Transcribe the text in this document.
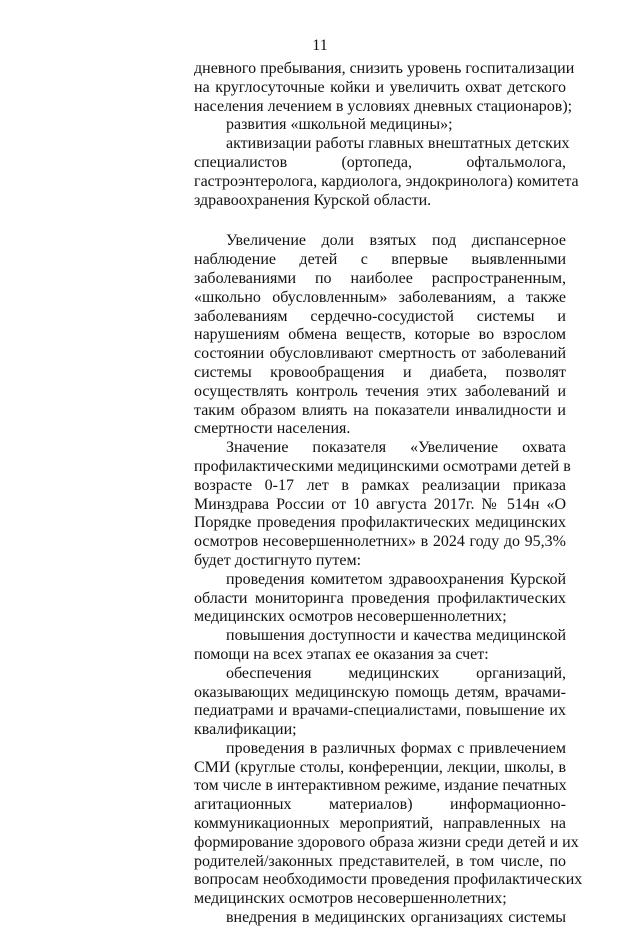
11
дневного пребывания, снизить уровень госпитализации
на круглосуточные койки и увеличить охват детского
населения лечением в условиях дневных стационаров);
развития «школьной медицины»;
активизации работы главных внештатных детских
специалистов (ортопеда, офтальмолога,
гастроэнтеролога, кардиолога, эндокринолога) комитета
здравоохранения Курской области.
Увеличение доли взятых под диспансерное
наблюдение детей с впервые выявленными
заболеваниями по наиболее распространенным,
«школьно обусловленным» заболеваниям, а также
заболеваниям сердечно-сосудистой системы и
нарушениям обмена веществ, которые во взрослом
состоянии обусловливают смертность от заболеваний
системы кровообращения и диабета, позволят
осуществлять контроль течения этих заболеваний и
таким образом влиять на показатели инвалидности и
смертности населения.
Значение показателя «Увеличение охвата
профилактическими медицинскими осмотрами детей в
возрасте 0-17 лет в рамках реализации приказа
Минздрава России от 10 августа 2017г. № 514н «О
Порядке проведения профилактических медицинских
осмотров несовершеннолетних» в 2024 году до 95,3%
будет достигнуто путем:
проведения комитетом здравоохранения Курской
области мониторинга проведения профилактических
медицинских осмотров несовершеннолетних;
повышения доступности и качества медицинской
помощи на всех этапах ее оказания за счет:
обеспечения медицинских организаций,
оказывающих медицинскую помощь детям, врачами-
педиатрами и врачами-специалистами, повышение их
квалификации;
проведения в различных формах с привлечением
СМИ (круглые столы, конференции, лекции, школы, в
том числе в интерактивном режиме, издание печатных
агитационных материалов) информационно-
коммуникационных мероприятий, направленных на
формирование здорового образа жизни среди детей и их
родителей/законных представителей, в том числе, по
вопросам необходимости проведения профилактических
медицинских осмотров несовершеннолетних;
внедрения в медицинских организациях системы
